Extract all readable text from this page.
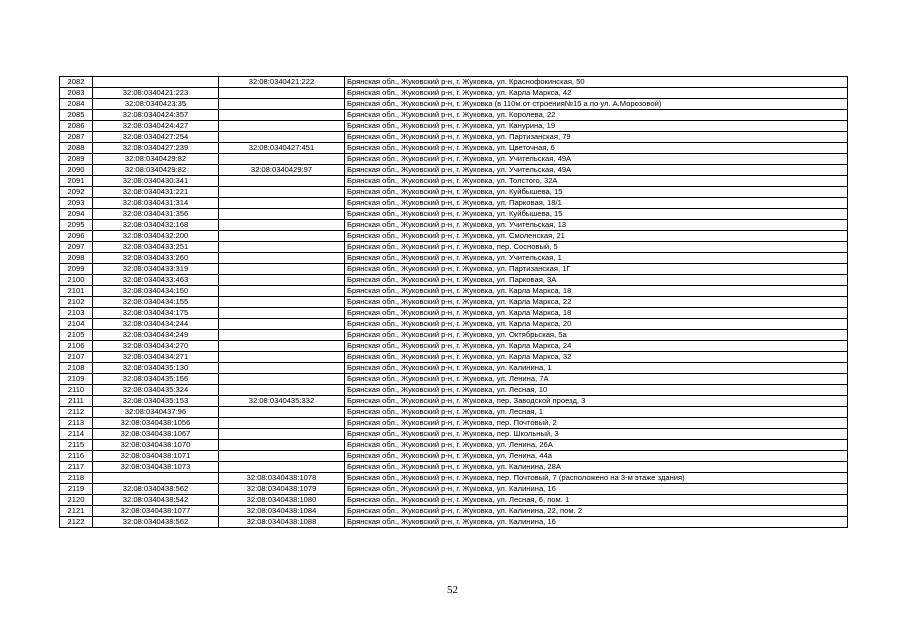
2082		32:08:0340421:222	Брянская обл., Жуковский р-н, г. Жуковка, ул. Краснофокинская, 50
2083	32:08:0340421:223		Брянская обл., Жуковский р-н, г. Жуковка, ул. Карла Маркса, 42
2084	32:08:0340423:35		Брянская обл., Жуковский р-н, г. Жуковка (в 110м.от строения№15 а по ул. А.Морозовой)
2085	32:08:0340424:357		Брянская обл., Жуковский р-н, г. Жуковка, ул. Королева, 22
2086	32:08:0340424:427		Брянская обл., Жуковский р-н, г. Жуковка, ул. Канурина, 19
2087	32:08:0340427:254		Брянская обл., Жуковский р-н, г. Жуковка, ул. Партизанская, 79
2088	32:08:0340427:239	32:08:0340427:451	Брянская обл., Жуковский р-н, г. Жуковка, ул. Цветочная, 6
2089	32:08:0340429:82		Брянская обл., Жуковский р-н, г. Жуковка, ул. Учительская, 49А
2090	32:08:0340429:82	32:08:0340429:97	Брянская обл., Жуковский р-н, г. Жуковка, ул. Учительская, 49А
2091	32:08:0340430:341		Брянская обл., Жуковский р-н, г. Жуковка, ул. Толстого, 32А
2092	32:08:0340431:221		Брянская обл., Жуковский р-н, г. Жуковка, ул. Куйбышева, 15
2093	32:08:0340431:314		Брянская обл., Жуковский р-н, г. Жуковка, ул. Парковая, 18/1
2094	32:08:0340431:356		Брянская обл., Жуковский р-н, г. Жуковка, ул. Куйбышева, 15
2095	32:08:0340432:168		Брянская обл., Жуковский р-н, г. Жуковка, ул. Учительская, 13
2096	32:08:0340432:200		Брянская обл., Жуковский р-н, г. Жуковка, ул. Смоленская, 21
2097	32:08:0340433:251		Брянская обл., Жуковский р-н, г. Жуковка, пер. Сосновый, 5
2098	32:08:0340433:260		Брянская обл., Жуковский р-н, г. Жуковка, ул. Учительская, 1
2099	32:08:0340433:319		Брянская обл., Жуковский р-н, г. Жуковка, ул. Партизанская, 1Г
2100	32:08:0340433:463		Брянская обл., Жуковский р-н, г. Жуковка, ул. Парковая, 3А
2101	32:08:0340434:150		Брянская обл., Жуковский р-н, г. Жуковка, ул. Карла Маркса, 18
2102	32:08:0340434:155		Брянская обл., Жуковский р-н, г. Жуковка, ул. Карла Маркса, 22
2103	32:08:0340434:175		Брянская обл., Жуковский р-н, г. Жуковка, ул. Карла Маркса, 18
2104	32:08:0340434:244		Брянская обл., Жуковский р-н, г. Жуковка, ул. Карла Маркса, 20
2105	32:08:0340434:249		Брянская обл., Жуковский р-н, г. Жуковка, ул. Октябрьская, 5а
2106	32:08:0340434:270		Брянская обл., Жуковский р-н, г. Жуковка, ул. Карла Маркса, 24
2107	32:08:0340434:271		Брянская обл., Жуковский р-н, г. Жуковка, ул. Карла Маркса, 32
2108	32:08:0340435:130		Брянская обл., Жуковский р-н, г. Жуковка, ул. Калинина, 1
2109	32:08:0340435:156		Брянская обл., Жуковский р-н, г. Жуковка, ул. Ленина, 7А
2110	32:08:0340435:324		Брянская обл., Жуковский р-н, г. Жуковка, ул. Лесная, 10
2111	32:08:0340435:153	32:08:0340435:332	Брянская обл., Жуковский р-н, г. Жуковка, пер. Заводской проезд, 3
2112	32:08:0340437:96		Брянская обл., Жуковский р-н, г. Жуковка, ул. Лесная, 1
2113	32:08:0340438:1056		Брянская обл., Жуковский р-н, г. Жуковка, пер. Почтовый, 2
2114	32:08:0340438:1067		Брянская обл., Жуковский р-н, г. Жуковка, пер. Школьный, 3
2115	32:08:0340438:1070		Брянская обл., Жуковский р-н, г. Жуковка, ул. Ленина, 26А
2116	32:08:0340438:1071		Брянская обл., Жуковский р-н, г. Жуковка, ул. Ленина, 44а
2117	32:08:0340438:1073		Брянская обл., Жуковский р-н, г. Жуковка, ул. Калинина, 28А
2118		32:08:0340438:1078	Брянская обл., Жуковский р-н, г. Жуковка, пер. Почтовый, 7 (расположено на 3-м этаже здания)
2119	32:08:0340438:562	32:08:0340438:1079	Брянская обл., Жуковский р-н, г. Жуковка, ул. Калинина, 16
2120	32:08:0340438:542	32:08:0340438:1080	Брянская обл., Жуковский р-н, г. Жуковка, ул. Лесная, 6, пом. 1
2121	32:08:0340438:1077	32:08:0340438:1084	Брянская обл., Жуковский р-н, г. Жуковка, ул. Калинина, 22, пом. 2
2122	32:08:0340438:562	32:08:0340438:1088	Брянская обл., Жуковский р-н, г. Жуковка, ул. Калинина, 16
52
